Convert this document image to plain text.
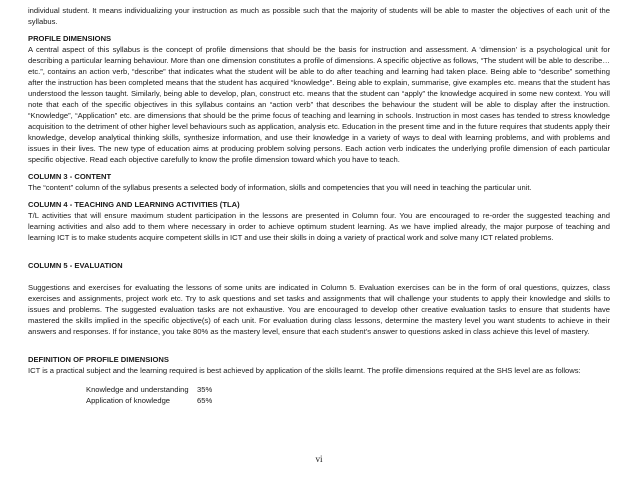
individual student. It means individualizing your instruction as much as possible such that the majority of students will be able to master the objectives of each unit of the syllabus.

PROFILE DIMENSIONS

A central aspect of this syllabus is the concept of profile dimensions that should be the basis for instruction and assessment. A ‘dimension’ is a psychological unit for describing a particular learning behaviour. More than one dimension constitutes a profile of dimensions. A specific objective as follows, “The student will be able to describe…etc.”, contains an action verb, “describe” that indicates what the student will be able to do after teaching and learning had taken place. Being able to “describe” something after the instruction has been completed means that the student has acquired “knowledge”. Being able to explain, summarise, give examples etc. means that the student has understood the lesson taught. Similarly, being able to develop, plan, construct etc. means that the student can “apply” the knowledge acquired in some new context. You will note that each of the specific objectives in this syllabus contains an “action verb” that describes the behaviour the student will be able to display after the instruction. “Knowledge”, “Application” etc. are dimensions that should be the prime focus of teaching and learning in schools. Instruction in most cases has tended to stress knowledge acquisition to the detriment of other higher level behaviours such as application, analysis etc. Education in the present time and in the future requires that students apply their knowledge, develop analytical thinking skills, synthesize information, and use their knowledge in a variety of ways to deal with learning problems, and with problems and issues in their lives. The new type of education aims at producing problem solving persons. Each action verb indicates the underlying profile dimension of each particular specific objective. Read each objective carefully to know the profile dimension toward which you have to teach.

COLUMN 3 - CONTENT

The “content” column of the syllabus presents a selected body of information, skills and competencies that you will need in teaching the particular unit.

COLUMN 4 - TEACHING AND LEARNING ACTIVITIES (TLA)

T/L activities that will ensure maximum student participation in the lessons are presented in Column four. You are encouraged to re-order the suggested teaching and learning activities and also add to them where necessary in order to achieve optimum student learning. As we have implied already, the major purpose of teaching and learning ICT is to make students acquire competent skills in ICT and use their skills in doing a variety of practical work and solve many ICT related problems.

COLUMN 5 - EVALUATION

Suggestions and exercises for evaluating the lessons of some units are indicated in Column 5. Evaluation exercises can be in the form of oral questions, quizzes, class exercises and assignments, project work etc. Try to ask questions and set tasks and assignments that will challenge your students to apply their knowledge and skills to issues and problems. The suggested evaluation tasks are not exhaustive. You are encouraged to develop other creative evaluation tasks to ensure that students have mastered the skills implied in the specific objective(s) of each unit. For evaluation during class lessons, determine the mastery level you want students to achieve in their answers and responses. If for instance, you take 80% as the mastery level, ensure that each student’s answer to questions asked in class achieve this level of mastery.

DEFINITION OF PROFILE DIMENSIONS

ICT is a practical subject and the learning required is best achieved by application of the skills learnt. The profile dimensions required at the SHS level are as follows:

Knowledge and understanding	35%
Application of knowledge	65%
vi
